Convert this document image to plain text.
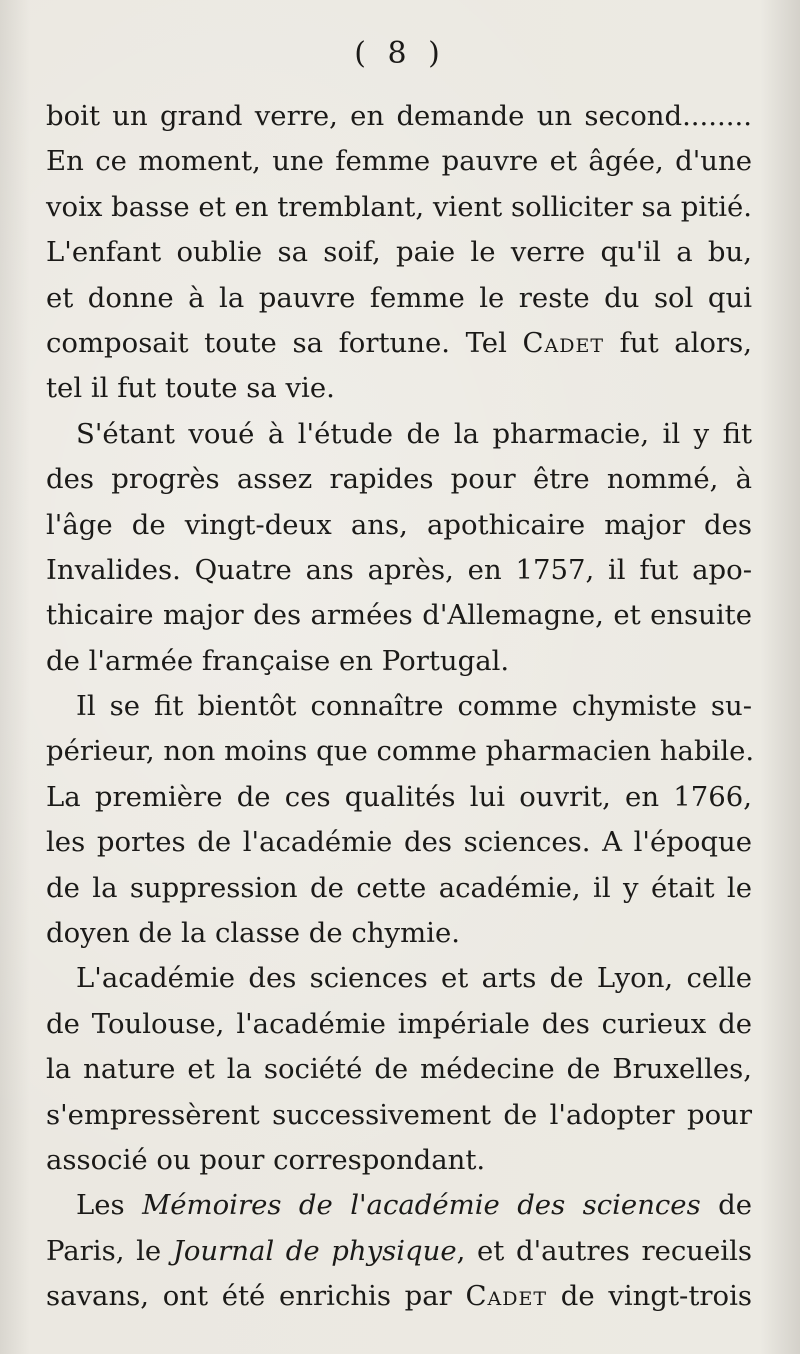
( 8 )
boit un grand verre, en demande un second........
En ce moment, une femme pauvre et âgée, d'une
voix basse et en tremblant, vient solliciter sa pitié.
L'enfant oublie sa soif, paie le verre qu'il a bu,
et donne à la pauvre femme le reste du sol qui
composait toute sa fortune. Tel Cadet fut alors,
tel il fut toute sa vie.
S'étant voué à l'étude de la pharmacie, il y fit
des progrès assez rapides pour être nommé, à
l'âge de vingt-deux ans, apothicaire major des
Invalides. Quatre ans après, en 1757, il fut apo-
thicaire major des armées d'Allemagne, et ensuite
de l'armée française en Portugal.
Il se fit bientôt connaître comme chymiste su-
périeur, non moins que comme pharmacien habile.
La première de ces qualités lui ouvrit, en 1766,
les portes de l'académie des sciences. A l'époque
de la suppression de cette académie, il y était le
doyen de la classe de chymie.
L'académie des sciences et arts de Lyon, celle
de Toulouse, l'académie impériale des curieux de
la nature et la société de médecine de Bruxelles,
s'empressèrent successivement de l'adopter pour
associé ou pour correspondant.
Les Mémoires de l'académie des sciences de
Paris, le Journal de physique, et d'autres recueils
savans, ont été enrichis par Cadet de vingt-trois
